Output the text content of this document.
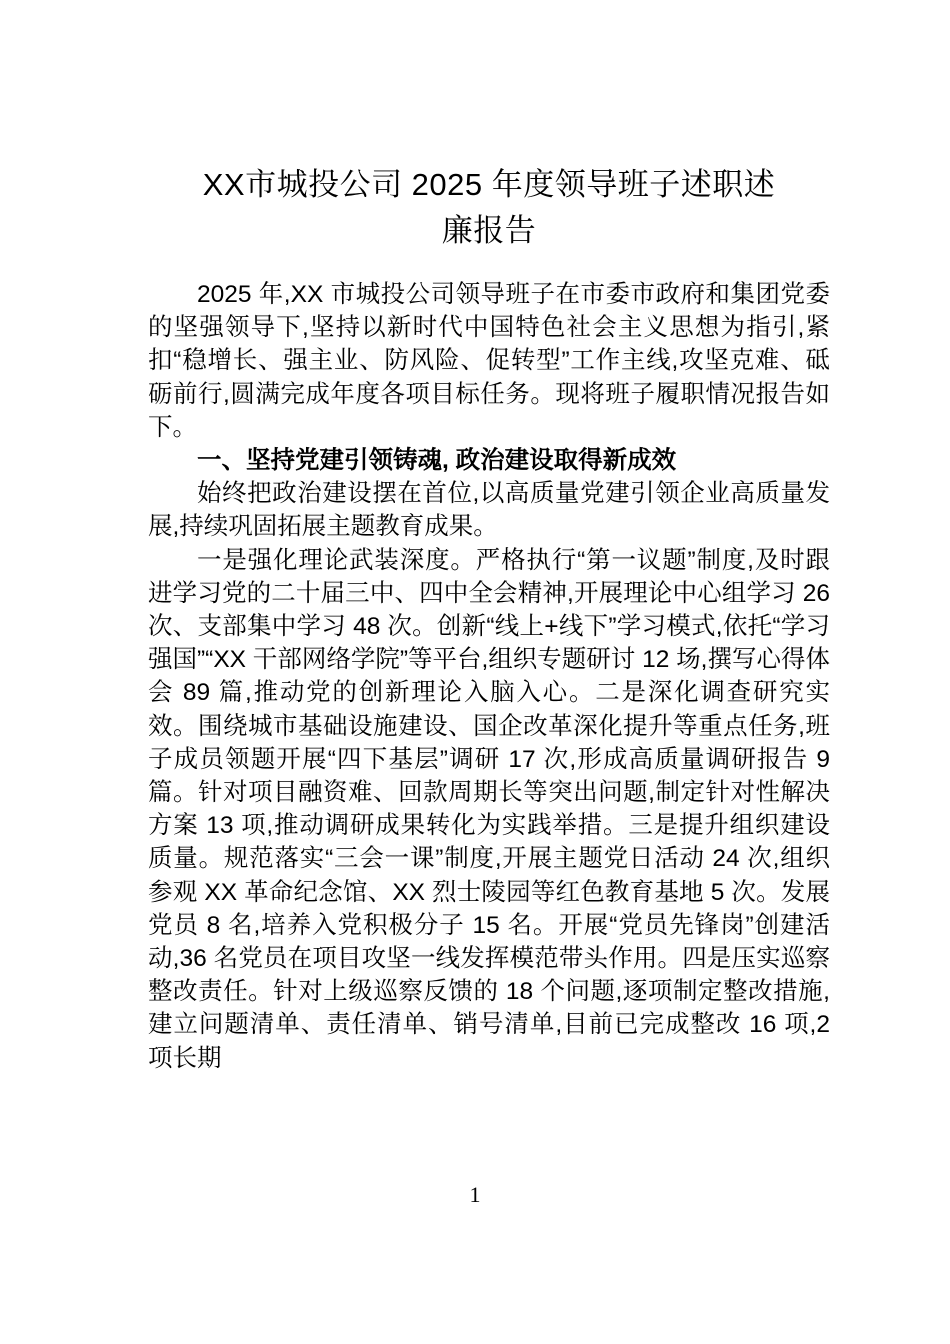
XX市城投公司 2025 年度领导班子述职述
廉报告

2025 年,XX 市城投公司领导班子在市委市政府和集团党委的坚强领导下,坚持以新时代中国特色社会主义思想为指引,紧扣“稳增长、强主业、防风险、促转型”工作主线,攻坚克难、砥砺前行,圆满完成年度各项目标任务。现将班子履职情况报告如下。

一、坚持党建引领铸魂, 政治建设取得新成效

始终把政治建设摆在首位,以高质量党建引领企业高质量发展,持续巩固拓展主题教育成果。

一是强化理论武装深度。严格执行“第一议题”制度,及时跟进学习党的二十届三中、四中全会精神,开展理论中心组学习 26 次、支部集中学习 48 次。创新“线上+线下”学习模式,依托“学习强国”“XX 干部网络学院”等平台,组织专题研讨 12 场,撰写心得体会 89 篇,推动党的创新理论入脑入心。二是深化调查研究实效。围绕城市基础设施建设、国企改革深化提升等重点任务,班子成员领题开展“四下基层”调研 17 次,形成高质量调研报告 9 篇。针对项目融资难、回款周期长等突出问题,制定针对性解决方案 13 项,推动调研成果转化为实践举措。三是提升组织建设质量。规范落实“三会一课”制度,开展主题党日活动 24 次,组织参观 XX 革命纪念馆、XX 烈士陵园等红色教育基地 5 次。发展党员 8 名,培养入党积极分子 15 名。开展“党员先锋岗”创建活动,36 名党员在项目攻坚一线发挥模范带头作用。四是压实巡察整改责任。针对上级巡察反馈的 18 个问题,逐项制定整改措施,建立问题清单、责任清单、销号清单,目前已完成整改 16 项,2 项长期

1
